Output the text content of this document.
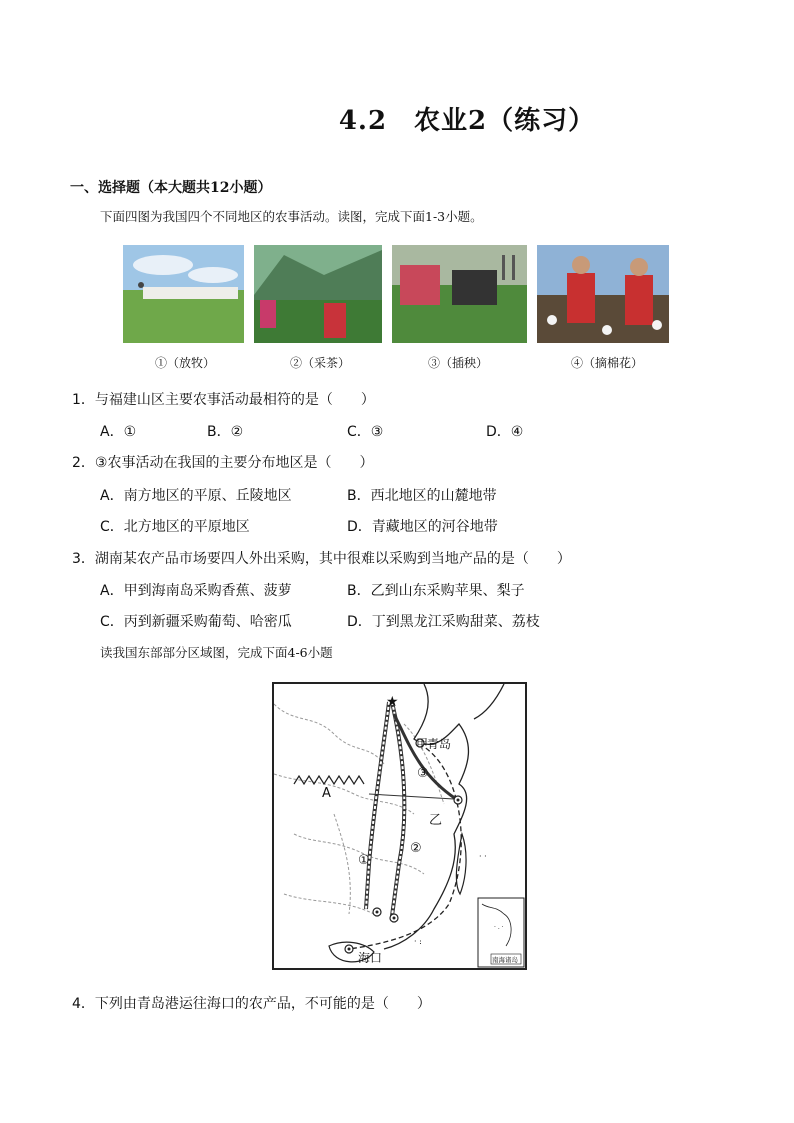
4.2　农业2（练习）
一、选择题（本大题共12小题）
下面四图为我国四个不同地区的农事活动。读图，完成下面1-3小题。
①（放牧）	②（采茶）	③（插秧）	④（摘棉花）
1．与福建山区主要农事活动最相符的是（　　）
A．①	B．②	C．③	D．④
2．③农事活动在我国的主要分布地区是（　　）
A．南方地区的平原、丘陵地区	B．西北地区的山麓地带
C．北方地区的平原地区	D．青藏地区的河谷地带
3．湖南某农产品市场要四人外出采购，其中很难以采购到当地产品的是（　　）
A．甲到海南岛采购香蕉、菠萝	B．乙到山东采购苹果、梨子
C．丙到新疆采购葡萄、哈密瓜	D．丁到黑龙江采购甜菜、荔枝
读我国东部部分区域图，完成下面4-6小题
★
甲
青岛
③
A
乙
①
②
海口
· ·
· :
· . ·
南海诸岛
4．下列由青岛港运往海口的农产品，不可能的是（　　）
